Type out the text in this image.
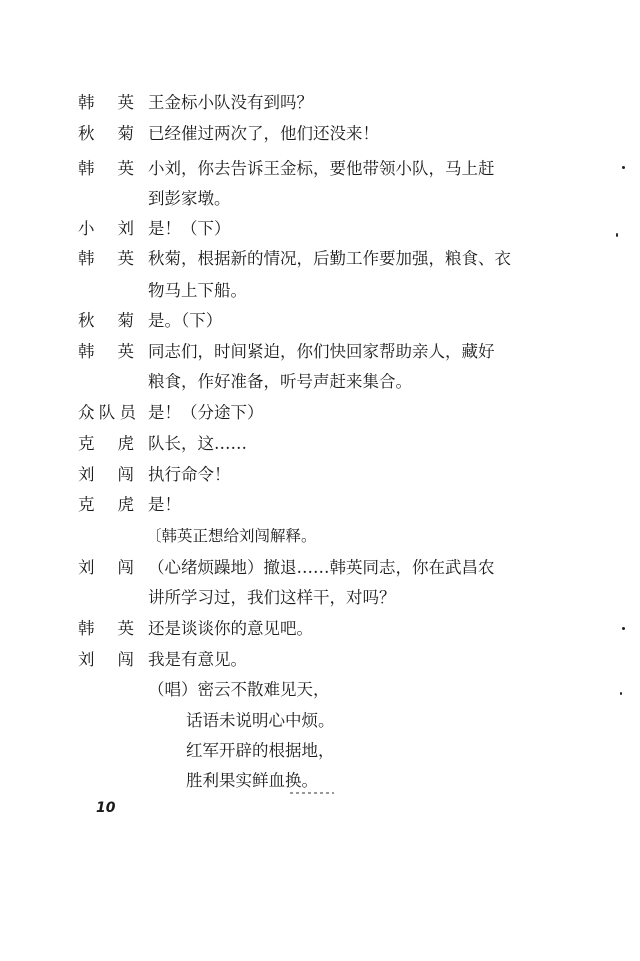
韩 英 王金标小队没有到吗？
秋 菊 已经催过两次了，他们还没来！
韩 英 小刘，你去告诉王金标，要他带领小队，马上赶
到彭家墩。
小 刘 是！（下）
韩 英 秋菊，根据新的情况，后勤工作要加强，粮食、衣
物马上下船。
秋 菊 是。（下）
韩 英 同志们，时间紧迫，你们快回家帮助亲人，藏好
粮食，作好准备，听号声赶来集合。
众 队 员 是！（分途下）
克 虎 队长，这……
刘 闯 执行命令！
克 虎 是！
〔韩英正想给刘闯解释。
刘 闯 （心绪烦躁地）撤退……韩英同志，你在武昌农
讲所学习过，我们这样干，对吗？
韩 英 还是谈谈你的意见吧。
刘 闯 我是有意见。
（唱）密云不散难见天，
话语未说明心中烦。
红军开辟的根据地，
胜利果实鲜血换。
10
